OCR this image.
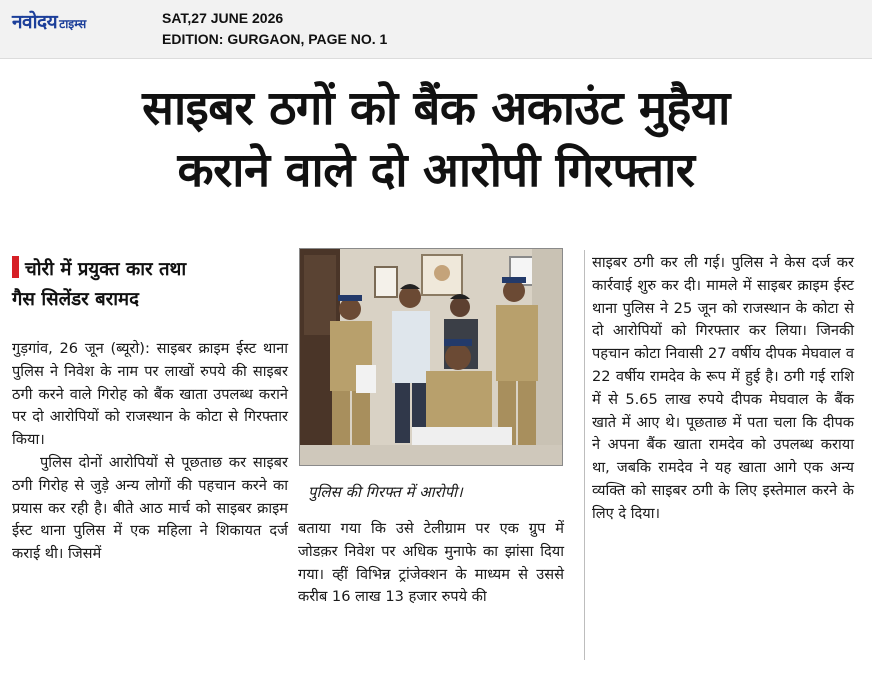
नवोदय टाइम्स	SAT,27 JUNE 2026
EDITION: GURGAON, PAGE NO. 1
साइबर ठगों को बैंक अकाउंट मुहैया
कराने वाले दो आरोपी गिरफ्तार
चोरी में प्रयुक्त कार तथा
गैस सिलेंडर बरामद

गुड़गांव, 26 जून (ब्यूरो): साइबर क्राइम ईस्ट थाना पुलिस ने निवेश के नाम पर लाखों रुपये की साइबर ठगी करने वाले गिरोह को बैंक खाता उपलब्ध कराने पर दो आरोपियों को राजस्थान के कोटा से गिरफ्तार किया।

पुलिस दोनों आरोपियों से पूछताछ कर साइबर ठगी गिरोह से जुड़े अन्य लोगों की पहचान करने का प्रयास कर रही है। बीते आठ मार्च को साइबर क्राइम ईस्ट थाना पुलिस में एक महिला ने शिकायत दर्ज कराई थी। जिसमें

पुलिस की गिरफ्त में आरोपी।

बताया गया कि उसे टेलीग्राम पर एक ग्रुप में जोडक़र निवेश पर अधिक मुनाफे का झांसा दिया गया। व्हीं विभिन्न ट्रांजेक्शन के माध्यम से उससे करीब 16 लाख 13 हजार रुपये की

साइबर ठगी कर ली गई। पुलिस ने केस दर्ज कर कार्रवाई शुरु कर दी। मामले में साइबर क्राइम ईस्ट थाना पुलिस ने 25 जून को राजस्थान के कोटा से दो आरोपियों को गिरफ्तार कर लिया। जिनकी पहचान कोटा निवासी 27 वर्षीय दीपक मेघवाल व 22 वर्षीय रामदेव के रूप में हुई है। ठगी गई राशि में से 5.65 लाख रुपये दीपक मेघवाल के बैंक खाते में आए थे। पूछताछ में पता चला कि दीपक ने अपना बैंक खाता रामदेव को उपलब्ध कराया था, जबकि रामदेव ने यह खाता आगे एक अन्य व्यक्ति को साइबर ठगी के लिए इस्तेमाल करने के लिए दे दिया।
